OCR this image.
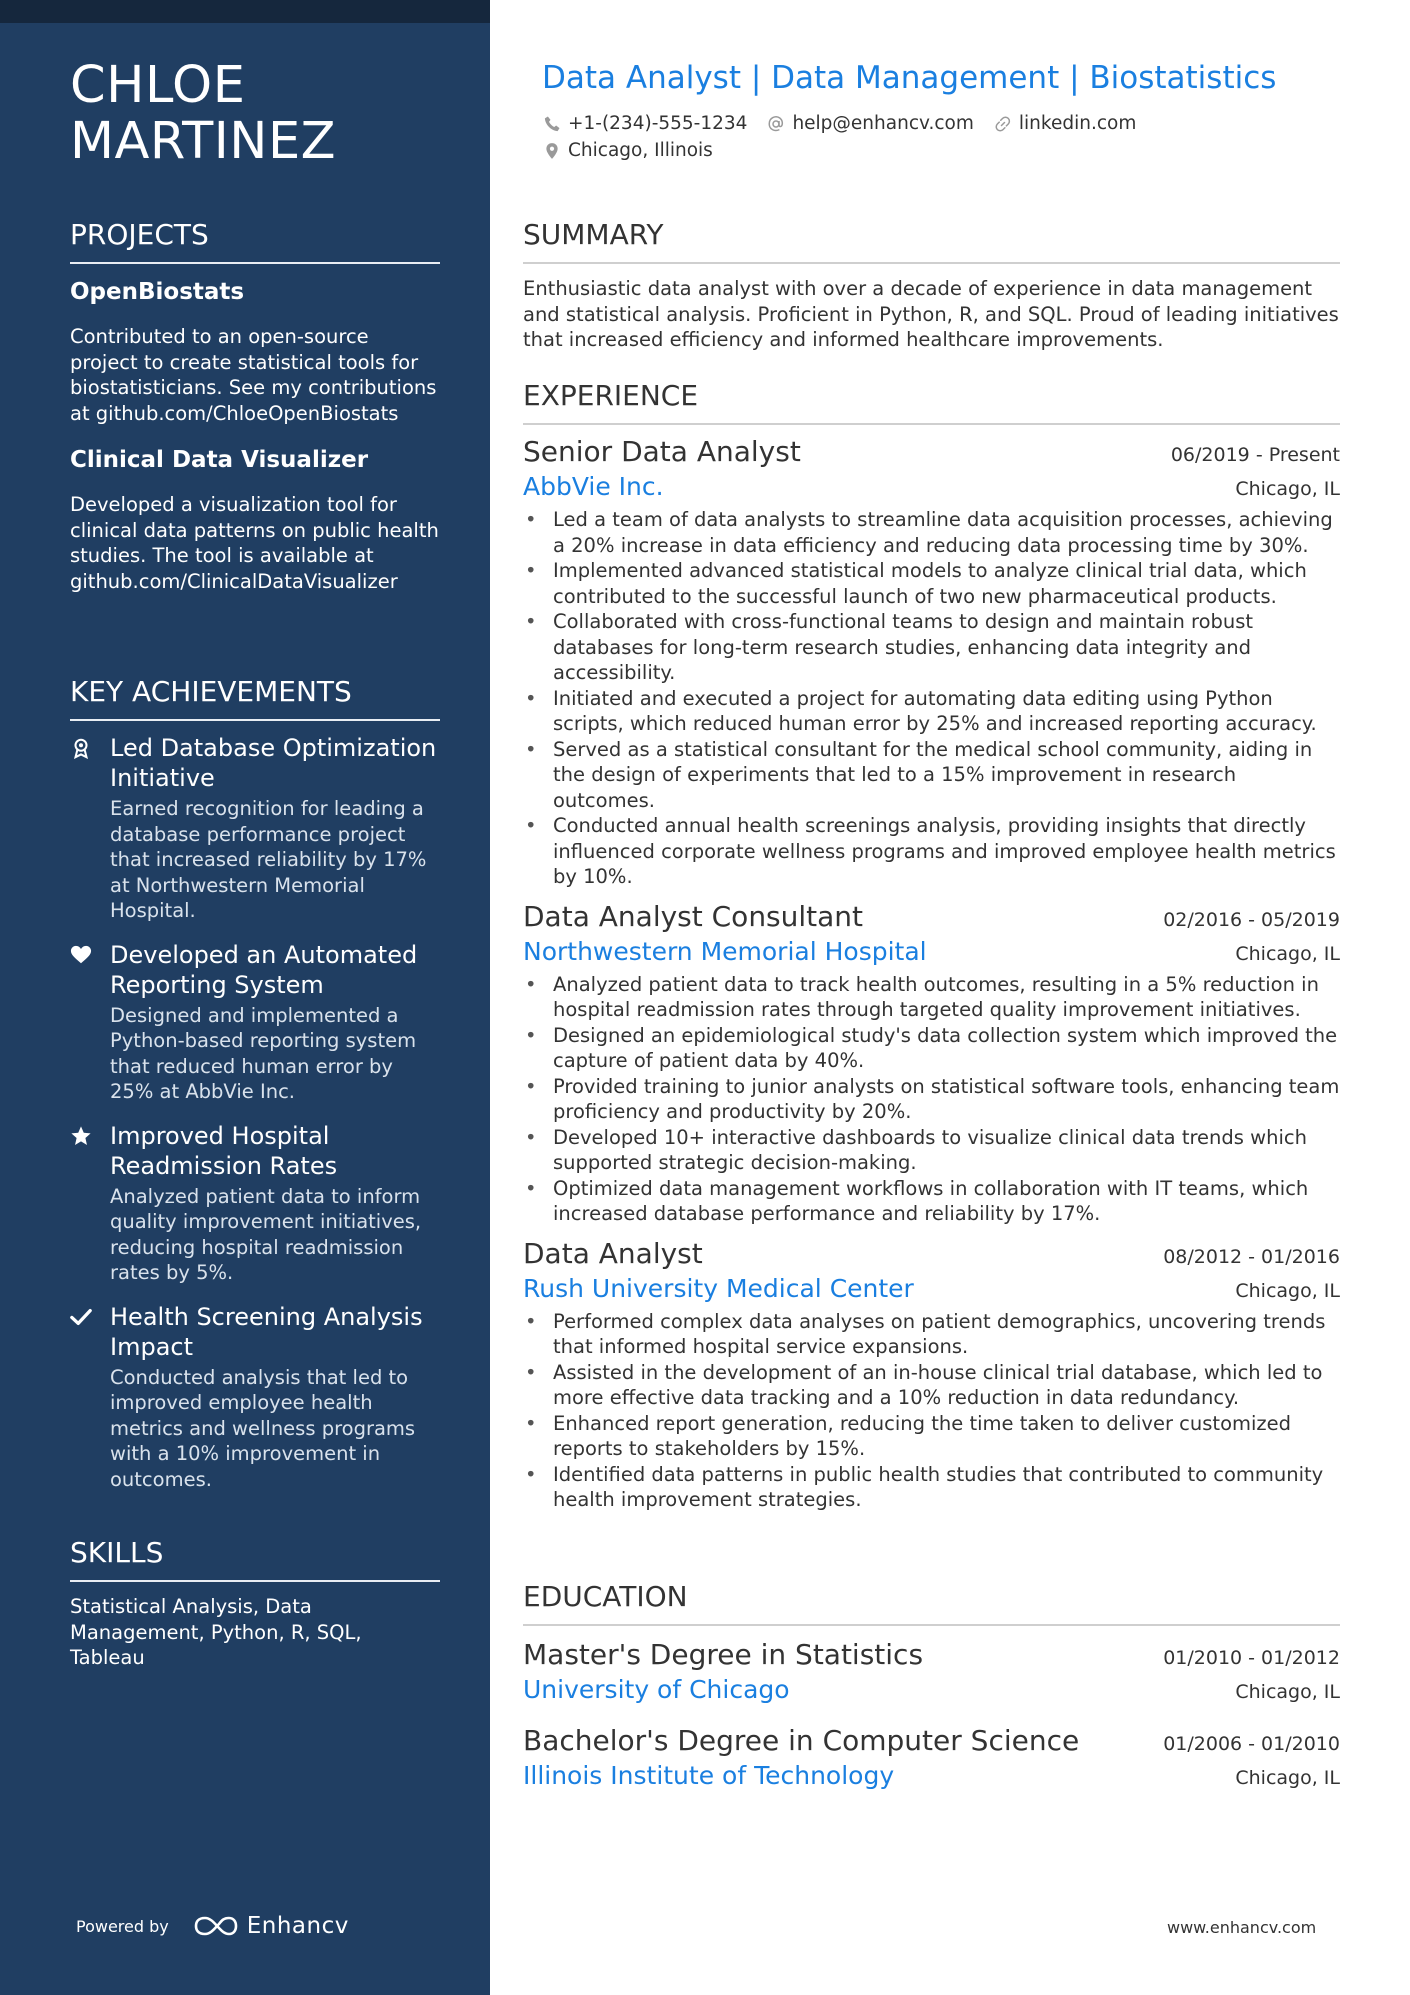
CHLOE MARTINEZ
PROJECTS

OpenBiostats

Contributed to an open-source project to create statistical tools for biostatisticians. See my contributions at github.com/ChloeOpenBiostats

Clinical Data Visualizer

Developed a visualization tool for clinical data patterns on public health studies. The tool is available at github.com/ClinicalDataVisualizer

KEY ACHIEVEMENTS

Led Database Optimization Initiative

Earned recognition for leading a database performance project that increased reliability by 17% at Northwestern Memorial Hospital.

Developed an Automated Reporting System

Designed and implemented a Python-based reporting system that reduced human error by 25% at AbbVie Inc.

Improved Hospital Readmission Rates

Analyzed patient data to inform quality improvement initiatives, reducing hospital readmission rates by 5%.

Health Screening Analysis Impact

Conducted analysis that led to improved employee health metrics and wellness programs with a 10% improvement in outcomes.

SKILLS

Statistical Analysis, Data Management, Python, R, SQL, Tableau

Powered by	Enhancv
Data Analyst | Data Management | Biostatistics
+1-(234)-555-1234 help@enhancv.com linkedin.com
Chicago, Illinois
SUMMARY

Enthusiastic data analyst with over a decade of experience in data management and statistical analysis. Proficient in Python, R, and SQL. Proud of leading initiatives that increased efficiency and informed healthcare improvements.

EXPERIENCE

Senior Data Analyst	06/2019 - Present

AbbVie Inc.	Chicago, IL
• Led a team of data analysts to streamline data acquisition processes, achieving a 20% increase in data efficiency and reducing data processing time by 30%.
• Implemented advanced statistical models to analyze clinical trial data, which contributed to the successful launch of two new pharmaceutical products.
• Collaborated with cross-functional teams to design and maintain robust databases for long-term research studies, enhancing data integrity and accessibility.
• Initiated and executed a project for automating data editing using Python scripts, which reduced human error by 25% and increased reporting accuracy.
• Served as a statistical consultant for the medical school community, aiding in the design of experiments that led to a 15% improvement in research outcomes.
• Conducted annual health screenings analysis, providing insights that directly influenced corporate wellness programs and improved employee health metrics by 10%.

Data Analyst Consultant	02/2016 - 05/2019

Northwestern Memorial Hospital	Chicago, IL
• Analyzed patient data to track health outcomes, resulting in a 5% reduction in hospital readmission rates through targeted quality improvement initiatives.
• Designed an epidemiological study's data collection system which improved the capture of patient data by 40%.
• Provided training to junior analysts on statistical software tools, enhancing team proficiency and productivity by 20%.
• Developed 10+ interactive dashboards to visualize clinical data trends which supported strategic decision-making.
• Optimized data management workflows in collaboration with IT teams, which increased database performance and reliability by 17%.

Data Analyst	08/2012 - 01/2016

Rush University Medical Center	Chicago, IL
• Performed complex data analyses on patient demographics, uncovering trends that informed hospital service expansions.
• Assisted in the development of an in-house clinical trial database, which led to more effective data tracking and a 10% reduction in data redundancy.
• Enhanced report generation, reducing the time taken to deliver customized reports to stakeholders by 15%.
• Identified data patterns in public health studies that contributed to community health improvement strategies.
EDUCATION

Master's Degree in Statistics	01/2010 - 01/2012

University of Chicago	Chicago, IL

Bachelor's Degree in Computer Science	01/2006 - 01/2010

Illinois Institute of Technology	Chicago, IL
www.enhancv.com
